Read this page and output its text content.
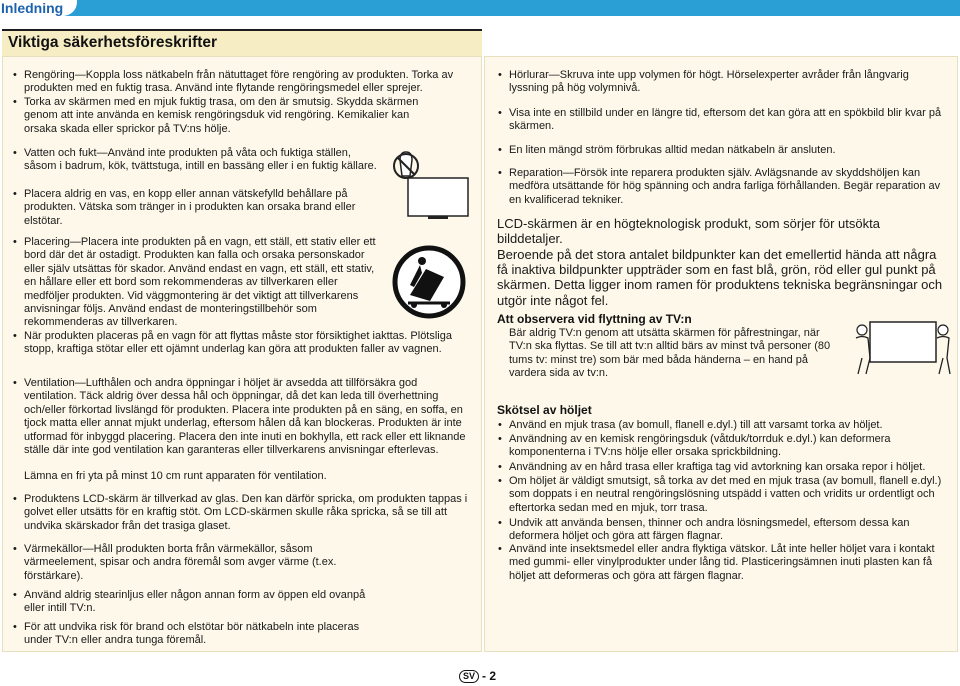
Inledning
Viktiga säkerhetsföreskrifter
• Rengöring—Koppla loss nätkabeln från nätuttaget före rengöring av produkten. Torka av produkten med en fuktig trasa. Använd inte flytande rengöringsmedel eller sprejer.
• Torka av skärmen med en mjuk fuktig trasa, om den är smutsig. Skydda skärmen genom att inte använda en kemisk rengöringsduk vid rengöring. Kemikalier kan orsaka skada eller sprickor på TV:ns hölje.
• Vatten och fukt—Använd inte produkten på våta och fuktiga ställen, såsom i badrum, kök, tvättstuga, intill en bassäng eller i en fuktig källare.
• Placera aldrig en vas, en kopp eller annan vätskefylld behållare på produkten. Vätska som tränger in i produkten kan orsaka brand eller elstötar.
• Placering—Placera inte produkten på en vagn, ett ställ, ett stativ eller ett bord där det är ostadigt. Produkten kan falla och orsaka personskador eller själv utsättas för skador. Använd endast en vagn, ett ställ, ett stativ, en hållare eller ett bord som rekommenderas av tillverkaren eller medföljer produkten. Vid väggmontering är det viktigt att tillverkarens anvisningar följs. Använd endast de monteringstillbehör som rekommenderas av tillverkaren.
• När produkten placeras på en vagn för att flyttas måste stor försiktighet iakttas. Plötsliga stopp, kraftiga stötar eller ett ojämnt underlag kan göra att produkten faller av vagnen.
• Ventilation—Lufthålen och andra öppningar i höljet är avsedda att tillförsäkra god ventilation. Täck aldrig över dessa hål och öppningar, då det kan leda till överhettning och/eller förkortad livslängd för produkten. Placera inte produkten på en säng, en soffa, en tjock matta eller annat mjukt underlag, eftersom hålen då kan blockeras. Produkten är inte utformad för inbyggd placering. Placera den inte inuti en bokhylla, ett rack eller ett liknande ställe där inte god ventilation kan garanteras eller tillverkarens anvisningar efterlevas.
Lämna en fri yta på minst 10 cm runt apparaten för ventilation.
• Produktens LCD-skärm är tillverkad av glas. Den kan därför spricka, om produkten tappas i golvet eller utsätts för en kraftig stöt. Om LCD-skärmen skulle råka spricka, så se till att undvika skärskador från det trasiga glaset.
• Värmekällor—Håll produkten borta från värmekällor, såsom värmeelement, spisar och andra föremål som avger värme (t.ex. förstärkare).
• Använd aldrig stearinljus eller någon annan form av öppen eld ovanpå eller intill TV:n.
• För att undvika risk för brand och elstötar bör nätkabeln inte placeras under TV:n eller andra tunga föremål.
• Hörlurar—Skruva inte upp volymen för högt. Hörselexperter avråder från långvarig lyssning på hög volymnivå.
• Visa inte en stillbild under en längre tid, eftersom det kan göra att en spökbild blir kvar på skärmen.
• En liten mängd ström förbrukas alltid medan nätkabeln är ansluten.
• Reparation—Försök inte reparera produkten själv. Avlägsnande av skyddshöljen kan medföra utsättande för hög spänning och andra farliga förhållanden. Begär reparation av en kvalificerad tekniker.
LCD-skärmen är en högteknologisk produkt, som sörjer för utsökta bilddetaljer.
Beroende på det stora antalet bildpunkter kan det emellertid hända att några få inaktiva bildpunkter uppträder som en fast blå, grön, röd eller gul punkt på skärmen. Detta ligger inom ramen för produktens tekniska begränsningar och utgör inte något fel.
Att observera vid flyttning av TV:n
Bär aldrig TV:n genom att utsätta skärmen för påfrestningar, när TV:n ska flyttas. Se till att tv:n alltid bärs av minst två personer (80 tums tv: minst tre) som bär med båda händerna – en hand på vardera sida av tv:n.
Skötsel av höljet
• Använd en mjuk trasa (av bomull, flanell e.dyl.) till att varsamt torka av höljet.
• Användning av en kemisk rengöringsduk (våtduk/torrduk e.dyl.) kan deformera komponenterna i TV:ns hölje eller orsaka sprickbildning.
• Användning av en hård trasa eller kraftiga tag vid avtorkning kan orsaka repor i höljet.
• Om höljet är väldigt smutsigt, så torka av det med en mjuk trasa (av bomull, flanell e.dyl.) som doppats i en neutral rengöringslösning utspädd i vatten och vridits ur ordentligt och eftertorka sedan med en mjuk, torr trasa.
• Undvik att använda bensen, thinner och andra lösningsmedel, eftersom dessa kan deformera höljet och göra att färgen flagnar.
• Använd inte insektsmedel eller andra flyktiga vätskor. Låt inte heller höljet vara i kontakt med gummi- eller vinylprodukter under lång tid. Plasticeringsämnen inuti plasten kan få höljet att deformeras och göra att färgen flagnar.
SV - 2
